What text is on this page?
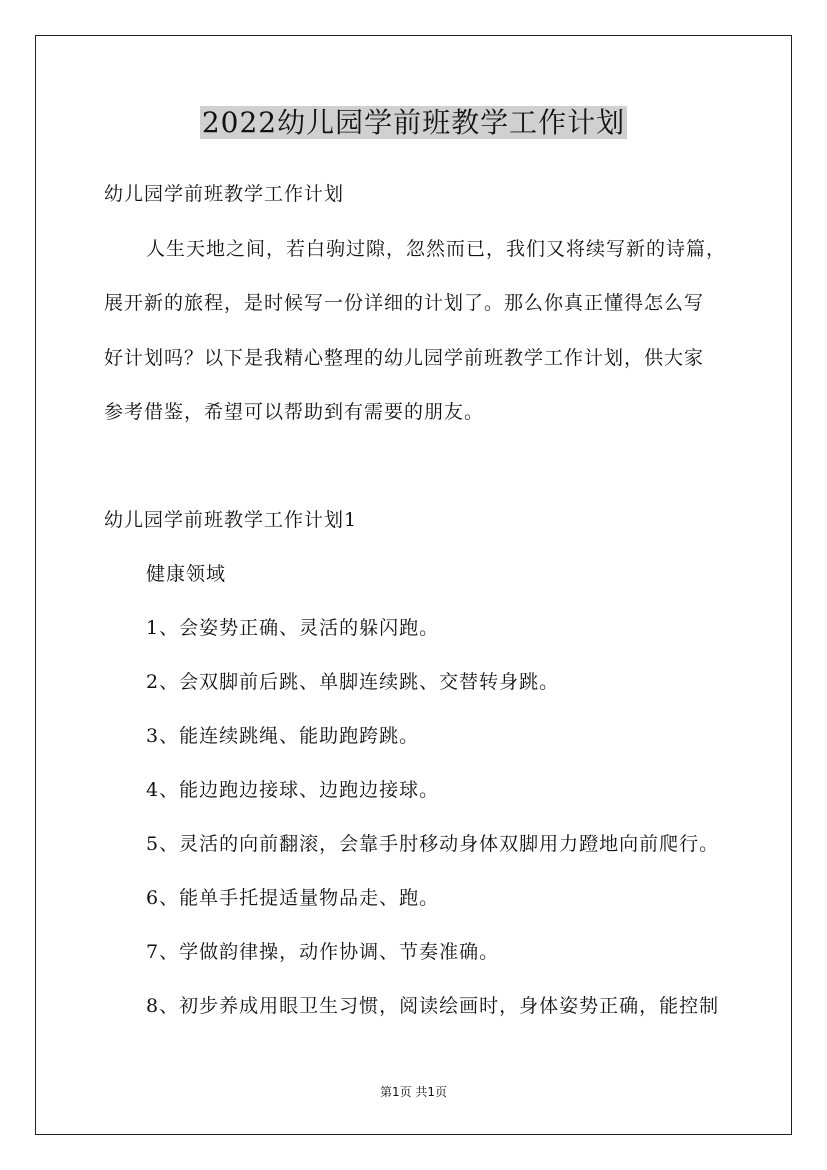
2022幼儿园学前班教学工作计划
幼儿园学前班教学工作计划
人生天地之间，若白驹过隙，忽然而已，我们又将续写新的诗篇，
展开新的旅程，是时候写一份详细的计划了。那么你真正懂得怎么写
好计划吗？以下是我精心整理的幼儿园学前班教学工作计划，供大家
参考借鉴，希望可以帮助到有需要的朋友。
幼儿园学前班教学工作计划1
健康领域
1、会姿势正确、灵活的躲闪跑。
2、会双脚前后跳、单脚连续跳、交替转身跳。
3、能连续跳绳、能助跑跨跳。
4、能边跑边接球、边跑边接球。
5、灵活的向前翻滚，会靠手肘移动身体双脚用力蹬地向前爬行。
6、能单手托提适量物品走、跑。
7、学做韵律操，动作协调、节奏准确。
8、初步养成用眼卫生习惯，阅读绘画时，身体姿势正确，能控制
第1页 共1页
